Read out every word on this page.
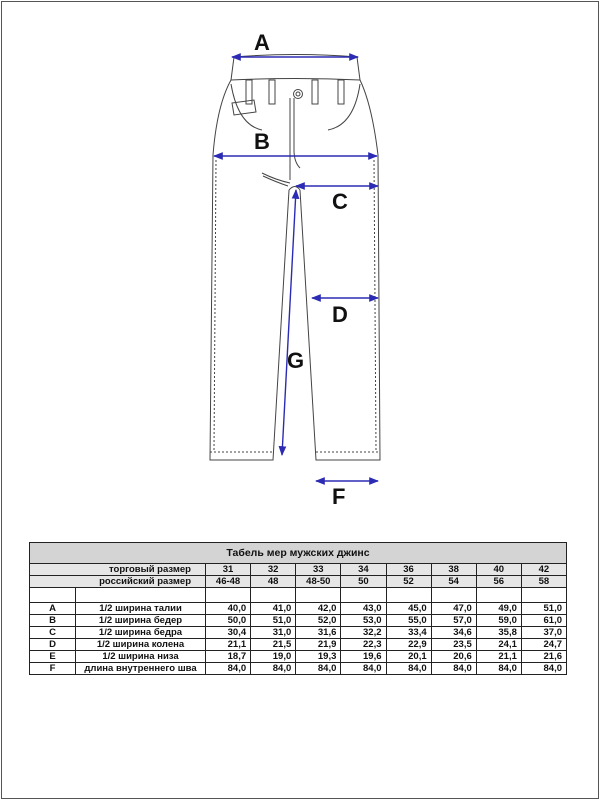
A
B
C
D
G
F
Табель мер мужских джинс									
торговый размер		31	32	33	34	36	38	40	42
российский размер		46-48	48	48-50	50	52	54	56	58

A	1/2 ширина талии	40,0	41,0	42,0	43,0	45,0	47,0	49,0	51,0
B	1/2 ширина бедер	50,0	51,0	52,0	53,0	55,0	57,0	59,0	61,0
C	1/2 ширина бедра	30,4	31,0	31,6	32,2	33,4	34,6	35,8	37,0
D	1/2 ширина колена	21,1	21,5	21,9	22,3	22,9	23,5	24,1	24,7
E	1/2 ширина низа	18,7	19,0	19,3	19,6	20,1	20,6	21,1	21,6
F	длина внутреннего шва	84,0	84,0	84,0	84,0	84,0	84,0	84,0	84,0
